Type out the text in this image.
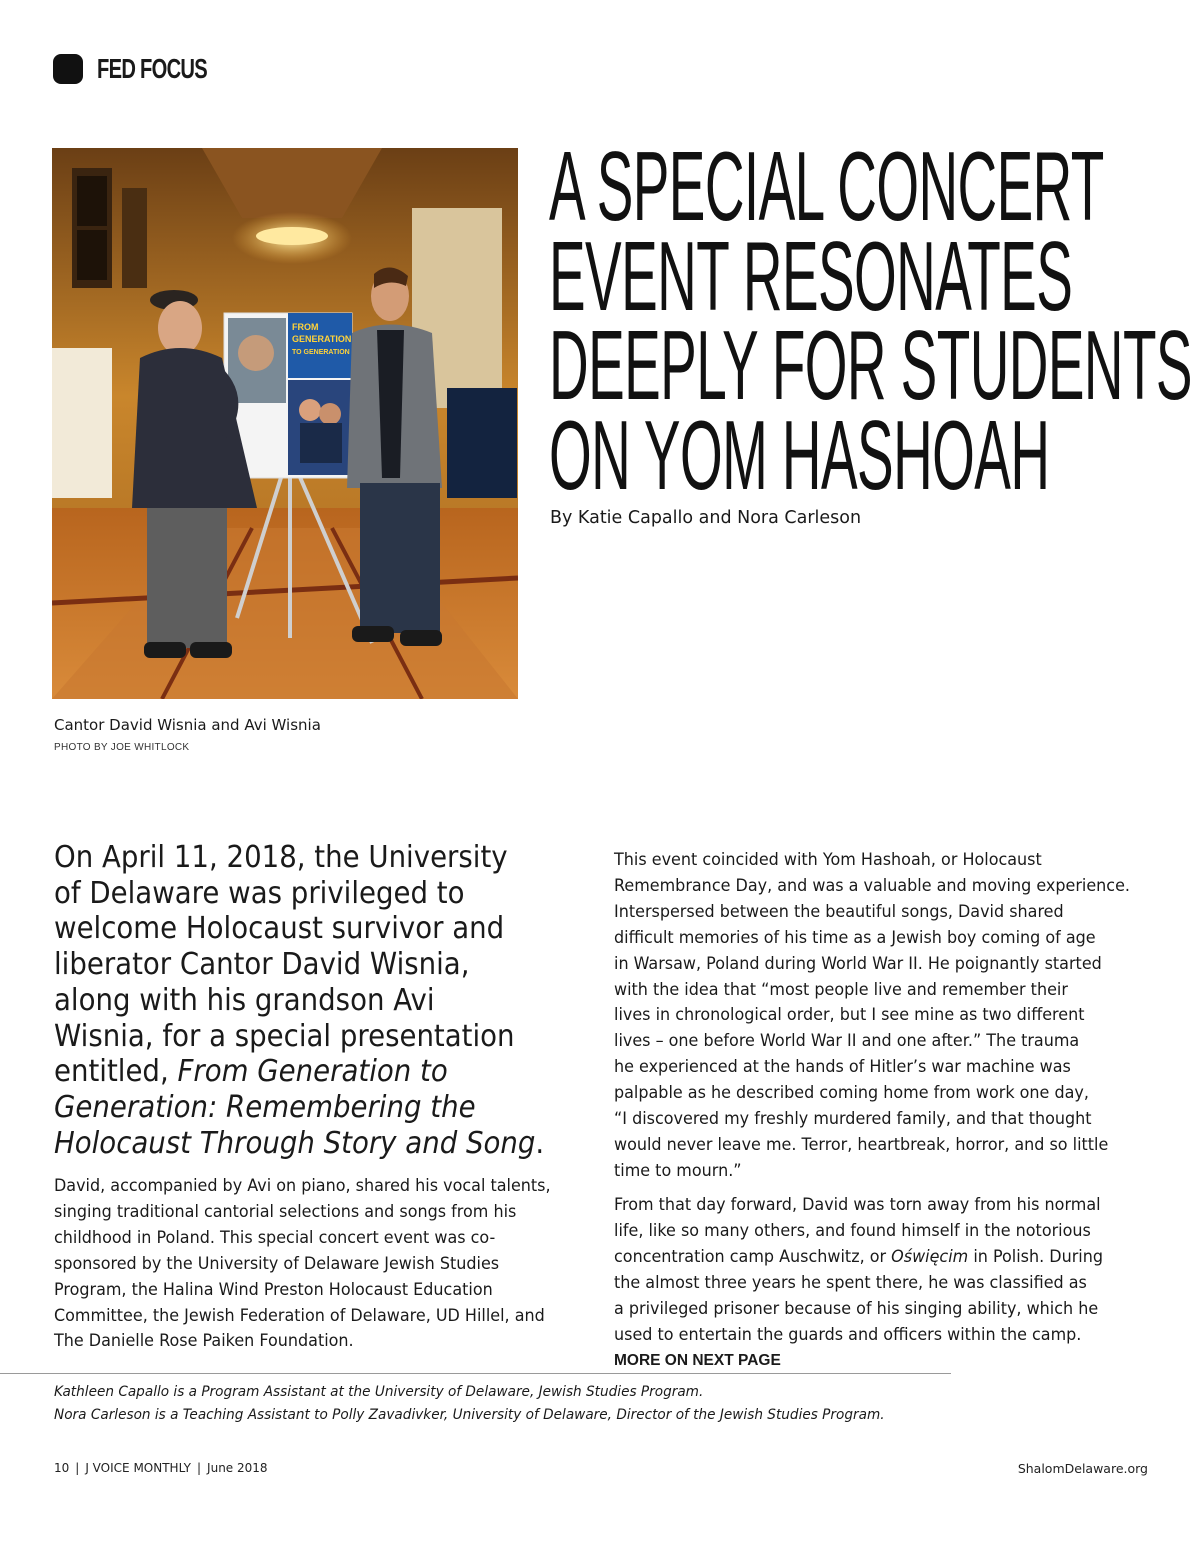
FED FOCUS
FROM
GENERATION
TO GENERATION
Cantor David Wisnia and Avi Wisnia
PHOTO BY JOE WHITLOCK
A SPECIAL CONCERT
EVENT RESONATES
DEEPLY FOR STUDENTS
ON YOM HASHOAH
By Katie Capallo and Nora Carleson
On April 11, 2018, the University
of Delaware was privileged to
welcome Holocaust survivor and
liberator Cantor David Wisnia,
along with his grandson Avi
Wisnia, for a special presentation
entitled, From Generation to
Generation: Remembering the
Holocaust Through Story and Song.
David, accompanied by Avi on piano, shared his vocal talents,
singing traditional cantorial selections and songs from his
childhood in Poland. This special concert event was co-
sponsored by the University of Delaware Jewish Studies
Program, the Halina Wind Preston Holocaust Education
Committee, the Jewish Federation of Delaware, UD Hillel, and
The Danielle Rose Paiken Foundation.
This event coincided with Yom Hashoah, or Holocaust
Remembrance Day, and was a valuable and moving experience.
Interspersed between the beautiful songs, David shared
difficult memories of his time as a Jewish boy coming of age
in Warsaw, Poland during World War II. He poignantly started
with the idea that “most people live and remember their
lives in chronological order, but I see mine as two different
lives – one before World War II and one after.” The trauma
he experienced at the hands of Hitler’s war machine was
palpable as he described coming home from work one day,
“I discovered my freshly murdered family, and that thought
would never leave me. Terror, heartbreak, horror, and so little
time to mourn.”
From that day forward, David was torn away from his normal
life, like so many others, and found himself in the notorious
concentration camp Auschwitz, or Oświęcim in Polish. During
the almost three years he spent there, he was classified as
a privileged prisoner because of his singing ability, which he
used to entertain the guards and officers within the camp.
MORE ON NEXT PAGE
Kathleen Capallo is a Program Assistant at the University of Delaware, Jewish Studies Program.
Nora Carleson is a Teaching Assistant to Polly Zavadivker, University of Delaware, Director of the Jewish Studies Program.
10 | J VOICE MONTHLY | June 2018	ShalomDelaware.org
